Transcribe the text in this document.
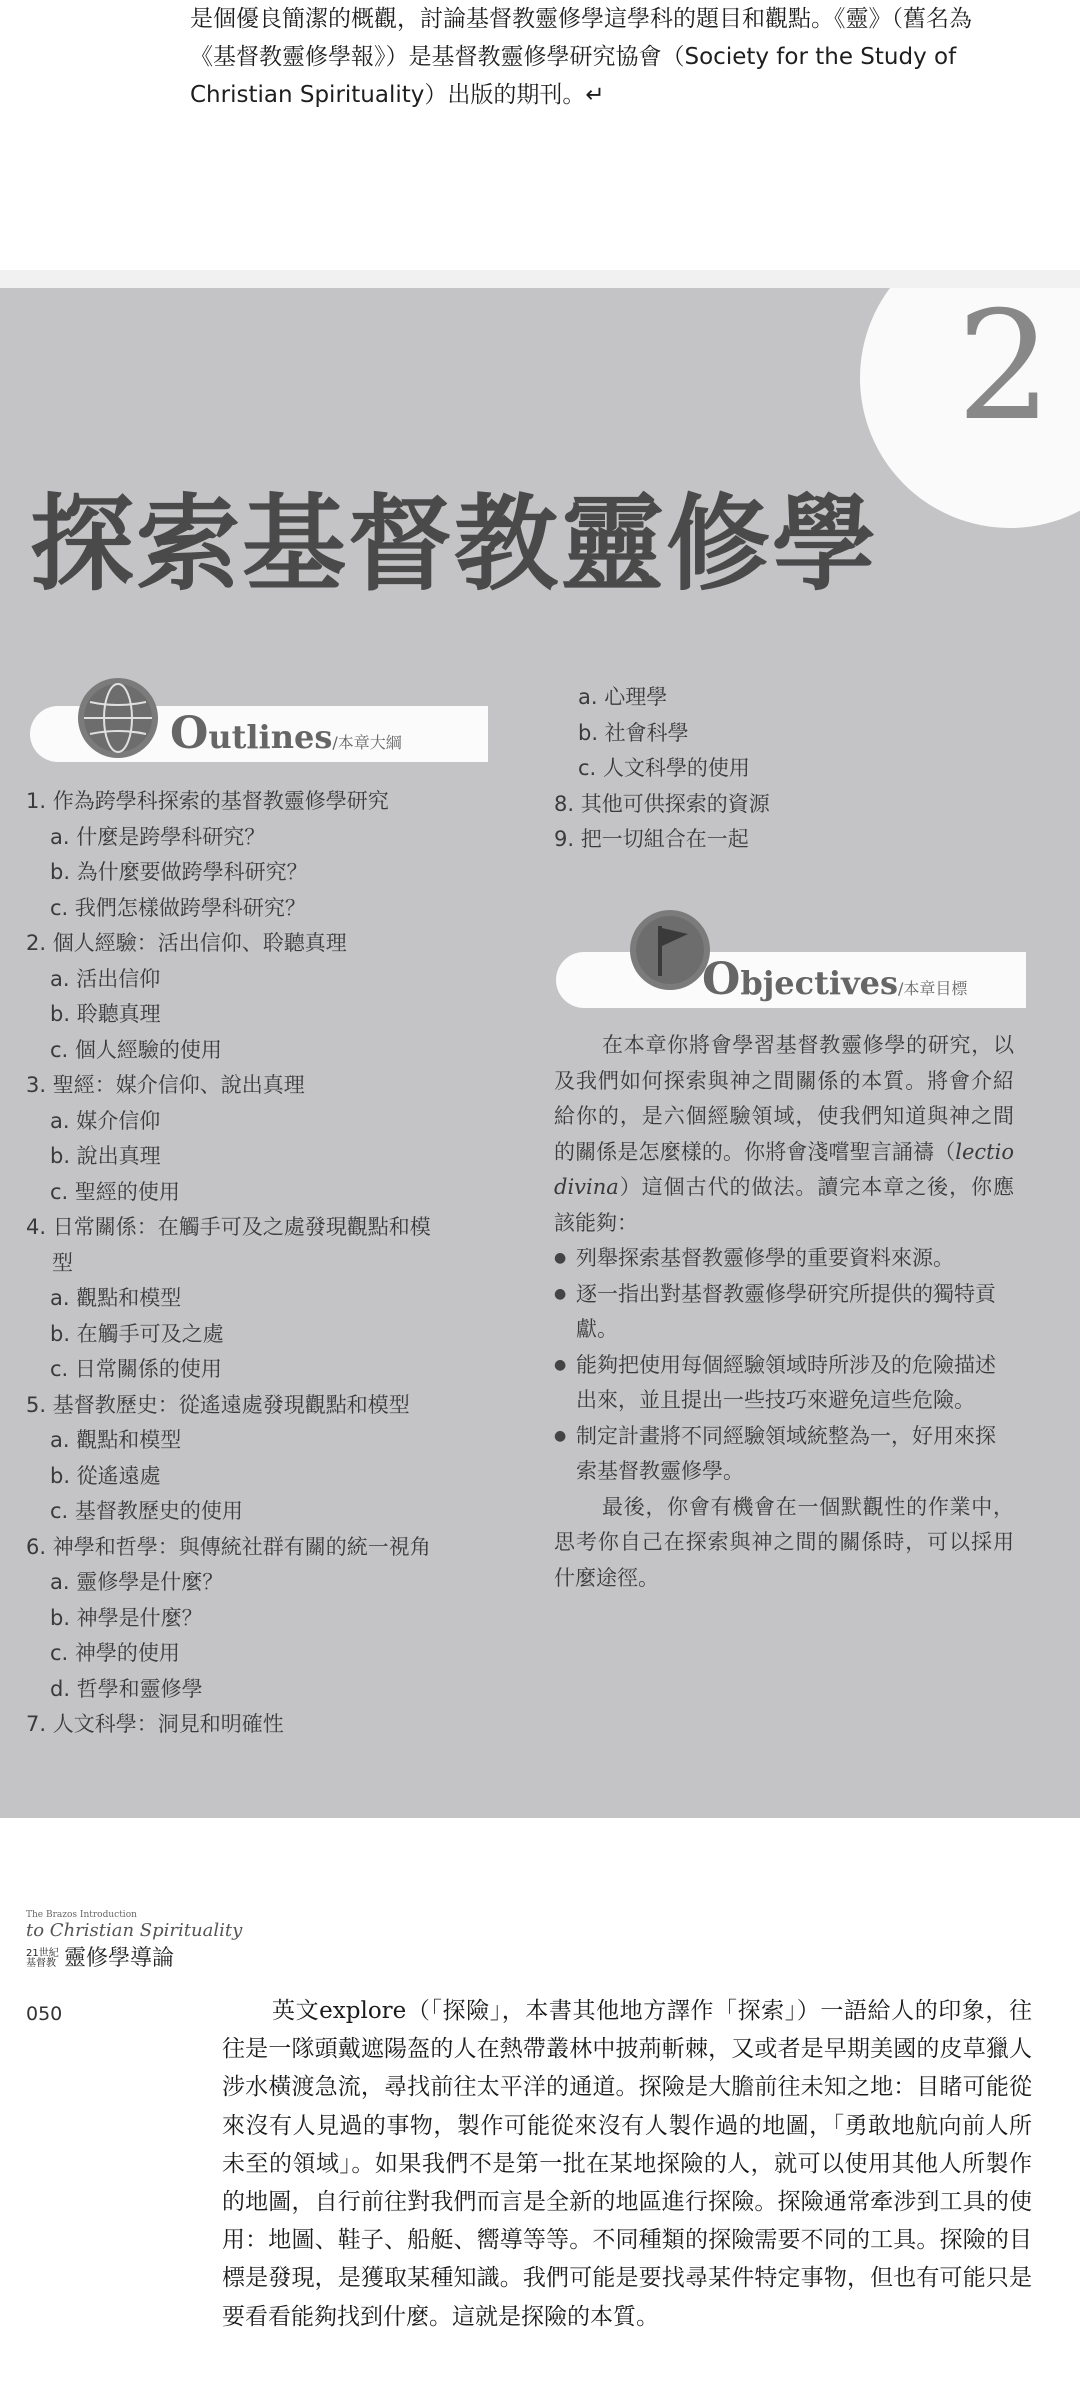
是個優良簡潔的概觀，討論基督教靈修學這學科的題目和觀點。《靈》（舊名為《基督教靈修學報》）是基督教靈修學研究協會（Society for the Study of Christian Spirituality）出版的期刊。↵
2
探索基督教靈修學
Outlines/本章大綱
1. 作為跨學科探索的基督教靈修學研究
a. 什麼是跨學科研究？
b. 為什麼要做跨學科研究？
c. 我們怎樣做跨學科研究？
2. 個人經驗：活出信仰、聆聽真理
a. 活出信仰
b. 聆聽真理
c. 個人經驗的使用
3. 聖經：媒介信仰、說出真理
a. 媒介信仰
b. 說出真理
c. 聖經的使用
4. 日常關係：在觸手可及之處發現觀點和模
型
a. 觀點和模型
b. 在觸手可及之處
c. 日常關係的使用
5. 基督教歷史：從遙遠處發現觀點和模型
a. 觀點和模型
b. 從遙遠處
c. 基督教歷史的使用
6. 神學和哲學：與傳統社群有關的統一視角
a. 靈修學是什麼？
b. 神學是什麼？
c. 神學的使用
d. 哲學和靈修學
7. 人文科學：洞見和明確性
a. 心理學
b. 社會科學
c. 人文科學的使用
8. 其他可供探索的資源
9. 把一切組合在一起
Objectives/本章目標

在本章你將會學習基督教靈修學的研究，以及我們如何探索與神之間關係的本質。將會介紹給你的，是六個經驗領域，使我們知道與神之間的關係是怎麼樣的。你將會淺嚐聖言誦禱（lectio divina）這個古代的做法。讀完本章之後，你應該能夠：

● 列舉探索基督教靈修學的重要資料來源。
● 逐一指出對基督教靈修學研究所提供的獨特貢獻。
● 能夠把使用每個經驗領域時所涉及的危險描述出來，並且提出一些技巧來避免這些危險。
● 制定計畫將不同經驗領域統整為一，好用來探索基督教靈修學。

最後，你會有機會在一個默觀性的作業中，思考你自己在探索與神之間的關係時，可以採用什麼途徑。

The Brazos Introduction
to Christian Spirituality
21世紀基督教 靈修學導論
050	英文explore（「探險」，本書其他地方譯作「探索」）一語給人的印象，往往是一隊頭戴遮陽盔的人在熱帶叢林中披荊斬棘，又或者是早期美國的皮草獵人涉水橫渡急流，尋找前往太平洋的通道。探險是大膽前往未知之地：目睹可能從來沒有人見過的事物，製作可能從來沒有人製作過的地圖，「勇敢地航向前人所未至的領域」。如果我們不是第一批在某地探險的人，就可以使用其他人所製作的地圖，自行前往對我們而言是全新的地區進行探險。探險通常牽涉到工具的使用：地圖、鞋子、船艇、嚮導等等。不同種類的探險需要不同的工具。探險的目標是發現，是獲取某種知識。我們可能是要找尋某件特定事物，但也有可能只是要看看能夠找到什麼。這就是探險的本質。
